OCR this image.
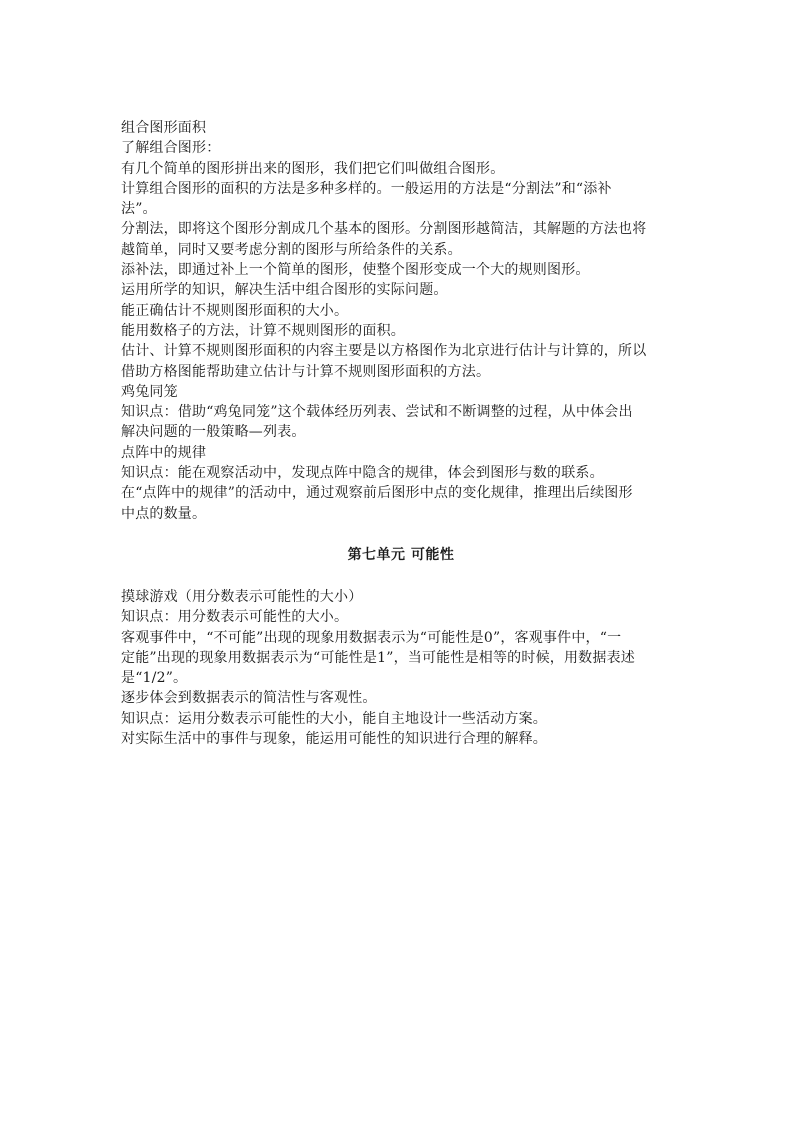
组合图形面积
了解组合图形：
有几个简单的图形拼出来的图形，我们把它们叫做组合图形。
计算组合图形的面积的方法是多种多样的。一般运用的方法是“分割法”和“添补
法”。
分割法，即将这个图形分割成几个基本的图形。分割图形越简洁，其解题的方法也将
越简单，同时又要考虑分割的图形与所给条件的关系。
添补法，即通过补上一个简单的图形，使整个图形变成一个大的规则图形。
运用所学的知识，解决生活中组合图形的实际问题。
能正确估计不规则图形面积的大小。
能用数格子的方法，计算不规则图形的面积。
估计、计算不规则图形面积的内容主要是以方格图作为北京进行估计与计算的，所以
借助方格图能帮助建立估计与计算不规则图形面积的方法。
鸡兔同笼
知识点：借助“鸡兔同笼”这个载体经历列表、尝试和不断调整的过程，从中体会出
解决问题的一般策略—列表。
点阵中的规律
知识点：能在观察活动中，发现点阵中隐含的规律，体会到图形与数的联系。
在“点阵中的规律”的活动中，通过观察前后图形中点的变化规律，推理出后续图形
中点的数量。
第七单元 可能性
摸球游戏（用分数表示可能性的大小）
知识点：用分数表示可能性的大小。
客观事件中，“不可能”出现的现象用数据表示为“可能性是0”，客观事件中，“一
定能”出现的现象用数据表示为“可能性是1”，当可能性是相等的时候，用数据表述
是“1/2”。
逐步体会到数据表示的简洁性与客观性。
知识点：运用分数表示可能性的大小，能自主地设计一些活动方案。
对实际生活中的事件与现象，能运用可能性的知识进行合理的解释。
